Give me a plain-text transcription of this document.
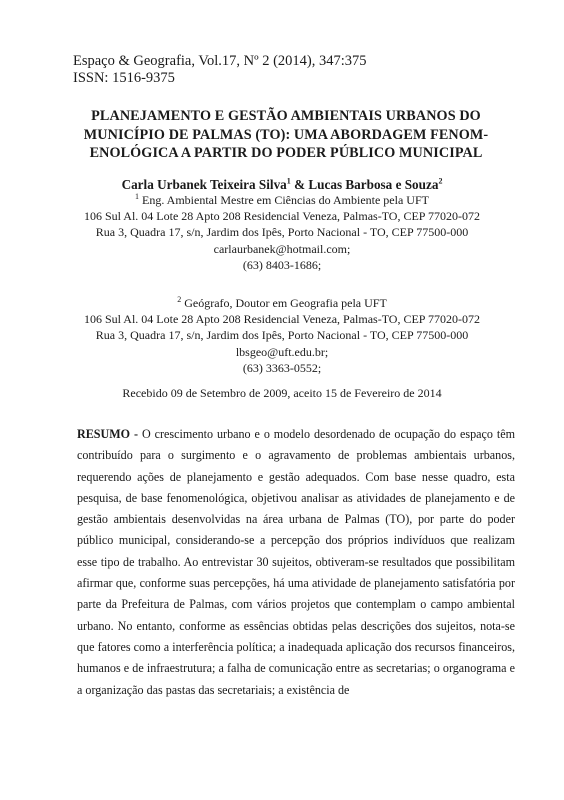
Espaço & Geografia, Vol.17, Nº 2 (2014), 347:375
ISSN: 1516-9375
PLANEJAMENTO E GESTÃO AMBIENTAIS URBANOS DO
MUNICÍPIO DE PALMAS (TO): UMA ABORDAGEM FENOM-
ENOLÓGICA A PARTIR DO PODER PÚBLICO MUNICIPAL
Carla Urbanek Teixeira Silva$^1$ & Lucas Barbosa e Souza$^2$
$^1$ Eng. Ambiental Mestre em Ciências do Ambiente pela UFT
106 Sul Al. 04 Lote 28 Apto 208 Residencial Veneza, Palmas-TO, CEP 77020-072
Rua 3, Quadra 17, s/n, Jardim dos Ipês, Porto Nacional - TO, CEP 77500-000
carlaurbanek@hotmail.com;
(63) 8403-1686;
$^2$ Geógrafo, Doutor em Geografia pela UFT
106 Sul Al. 04 Lote 28 Apto 208 Residencial Veneza, Palmas-TO, CEP 77020-072
Rua 3, Quadra 17, s/n, Jardim dos Ipês, Porto Nacional - TO, CEP 77500-000
lbsgeo@uft.edu.br;
(63) 3363-0552;
Recebido 09 de Setembro de 2009, aceito 15 de Fevereiro de 2014
RESUMO - O crescimento urbano e o modelo desordenado de ocupação do espaço têm contribuído para o surgimento e o agravamento de problemas ambientais urbanos, requerendo ações de planejamento e gestão adequados. Com base nesse quadro, esta pesquisa, de base fenomenológica, objetivou analisar as atividades de planejamento e de gestão ambientais desenvolvidas na área urbana de Palmas (TO), por parte do poder público municipal, considerando-se a percepção dos próprios indivíduos que realizam esse tipo de trabalho. Ao entrevistar 30 sujeitos, obtiveram-se resultados que possibilitam afirmar que, conforme suas percepções, há uma atividade de planejamento satisfatória por parte da Prefeitura de Palmas, com vários projetos que contemplam o campo ambiental urbano. No entanto, conforme as essências obtidas pelas descrições dos sujeitos, nota-se que fatores como a interferência política; a inadequada aplicação dos recursos financeiros, humanos e de infraestrutura; a falha de comunicação entre as secretarias; o organograma e a organização das pastas das secretariais; a existência de
